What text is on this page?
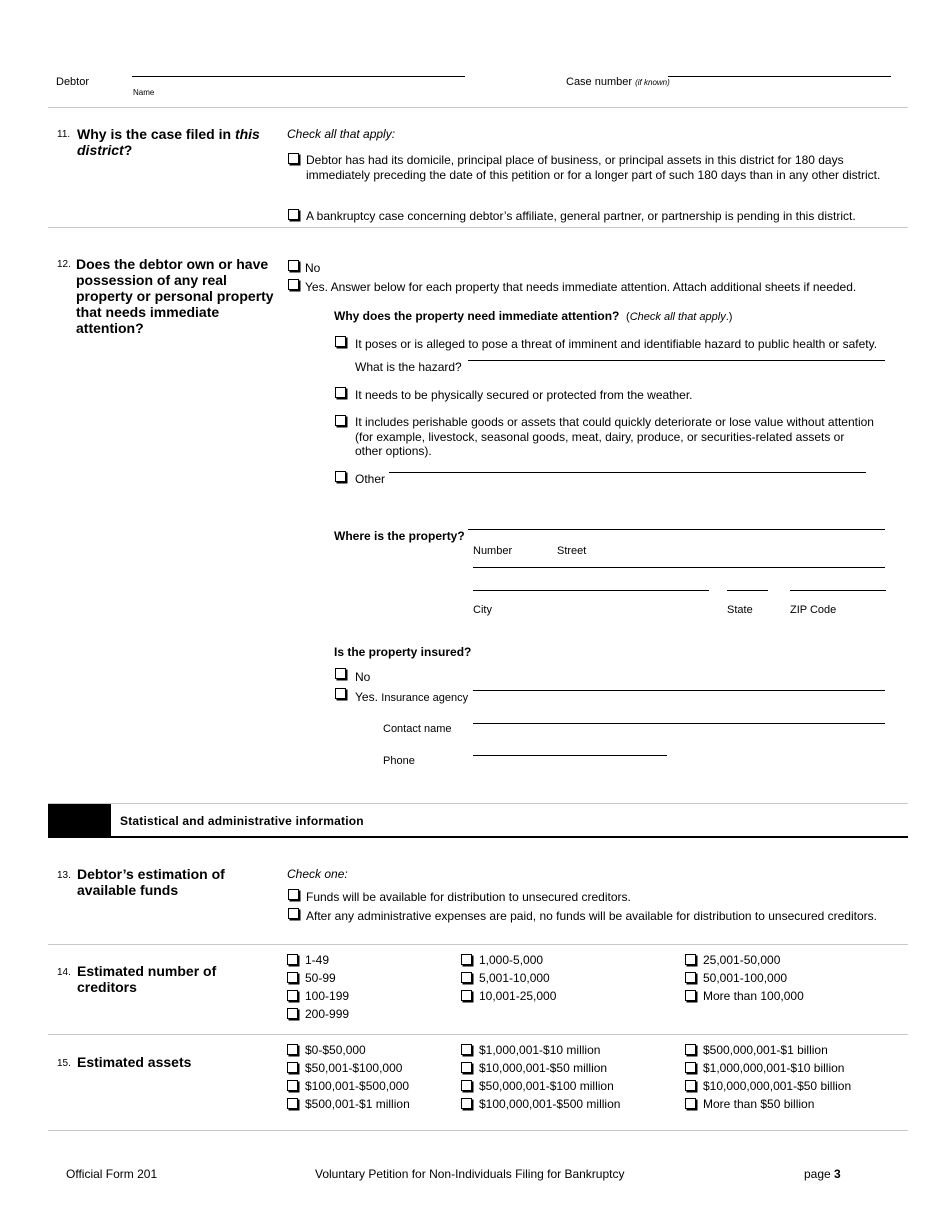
Debtor
Name
Case number (if known)
11. Why is the case filed in this district?
Check all that apply:
Debtor has had its domicile, principal place of business, or principal assets in this district for 180 days immediately preceding the date of this petition or for a longer part of such 180 days than in any other district.
A bankruptcy case concerning debtor’s affiliate, general partner, or partnership is pending in this district.
12. Does the debtor own or have possession of any real property or personal property that needs immediate attention?
No
Yes. Answer below for each property that needs immediate attention. Attach additional sheets if needed.
Why does the property need immediate attention? (Check all that apply.)
It poses or is alleged to pose a threat of imminent and identifiable hazard to public health or safety.
What is the hazard?
It needs to be physically secured or protected from the weather.
It includes perishable goods or assets that could quickly deteriorate or lose value without attention (for example, livestock, seasonal goods, meat, dairy, produce, or securities-related assets or other options).
Other
Where is the property?
Number	Street
City	State	ZIP Code
Is the property insured?
No
Yes. Insurance agency
Contact name
Phone
Statistical and administrative information
13. Debtor’s estimation of available funds
Check one:
Funds will be available for distribution to unsecured creditors.
After any administrative expenses are paid, no funds will be available for distribution to unsecured creditors.
14. Estimated number of creditors
1-49
50-99
100-199
200-999
1,000-5,000
5,001-10,000
10,001-25,000
25,001-50,000
50,001-100,000
More than 100,000
15. Estimated assets
$0-$50,000
$50,001-$100,000
$100,001-$500,000
$500,001-$1 million
$1,000,001-$10 million
$10,000,001-$50 million
$50,000,001-$100 million
$100,000,001-$500 million
$500,000,001-$1 billion
$1,000,000,001-$10 billion
$10,000,000,001-$50 billion
More than $50 billion
Official Form 201	Voluntary Petition for Non-Individuals Filing for Bankruptcy	page 3
